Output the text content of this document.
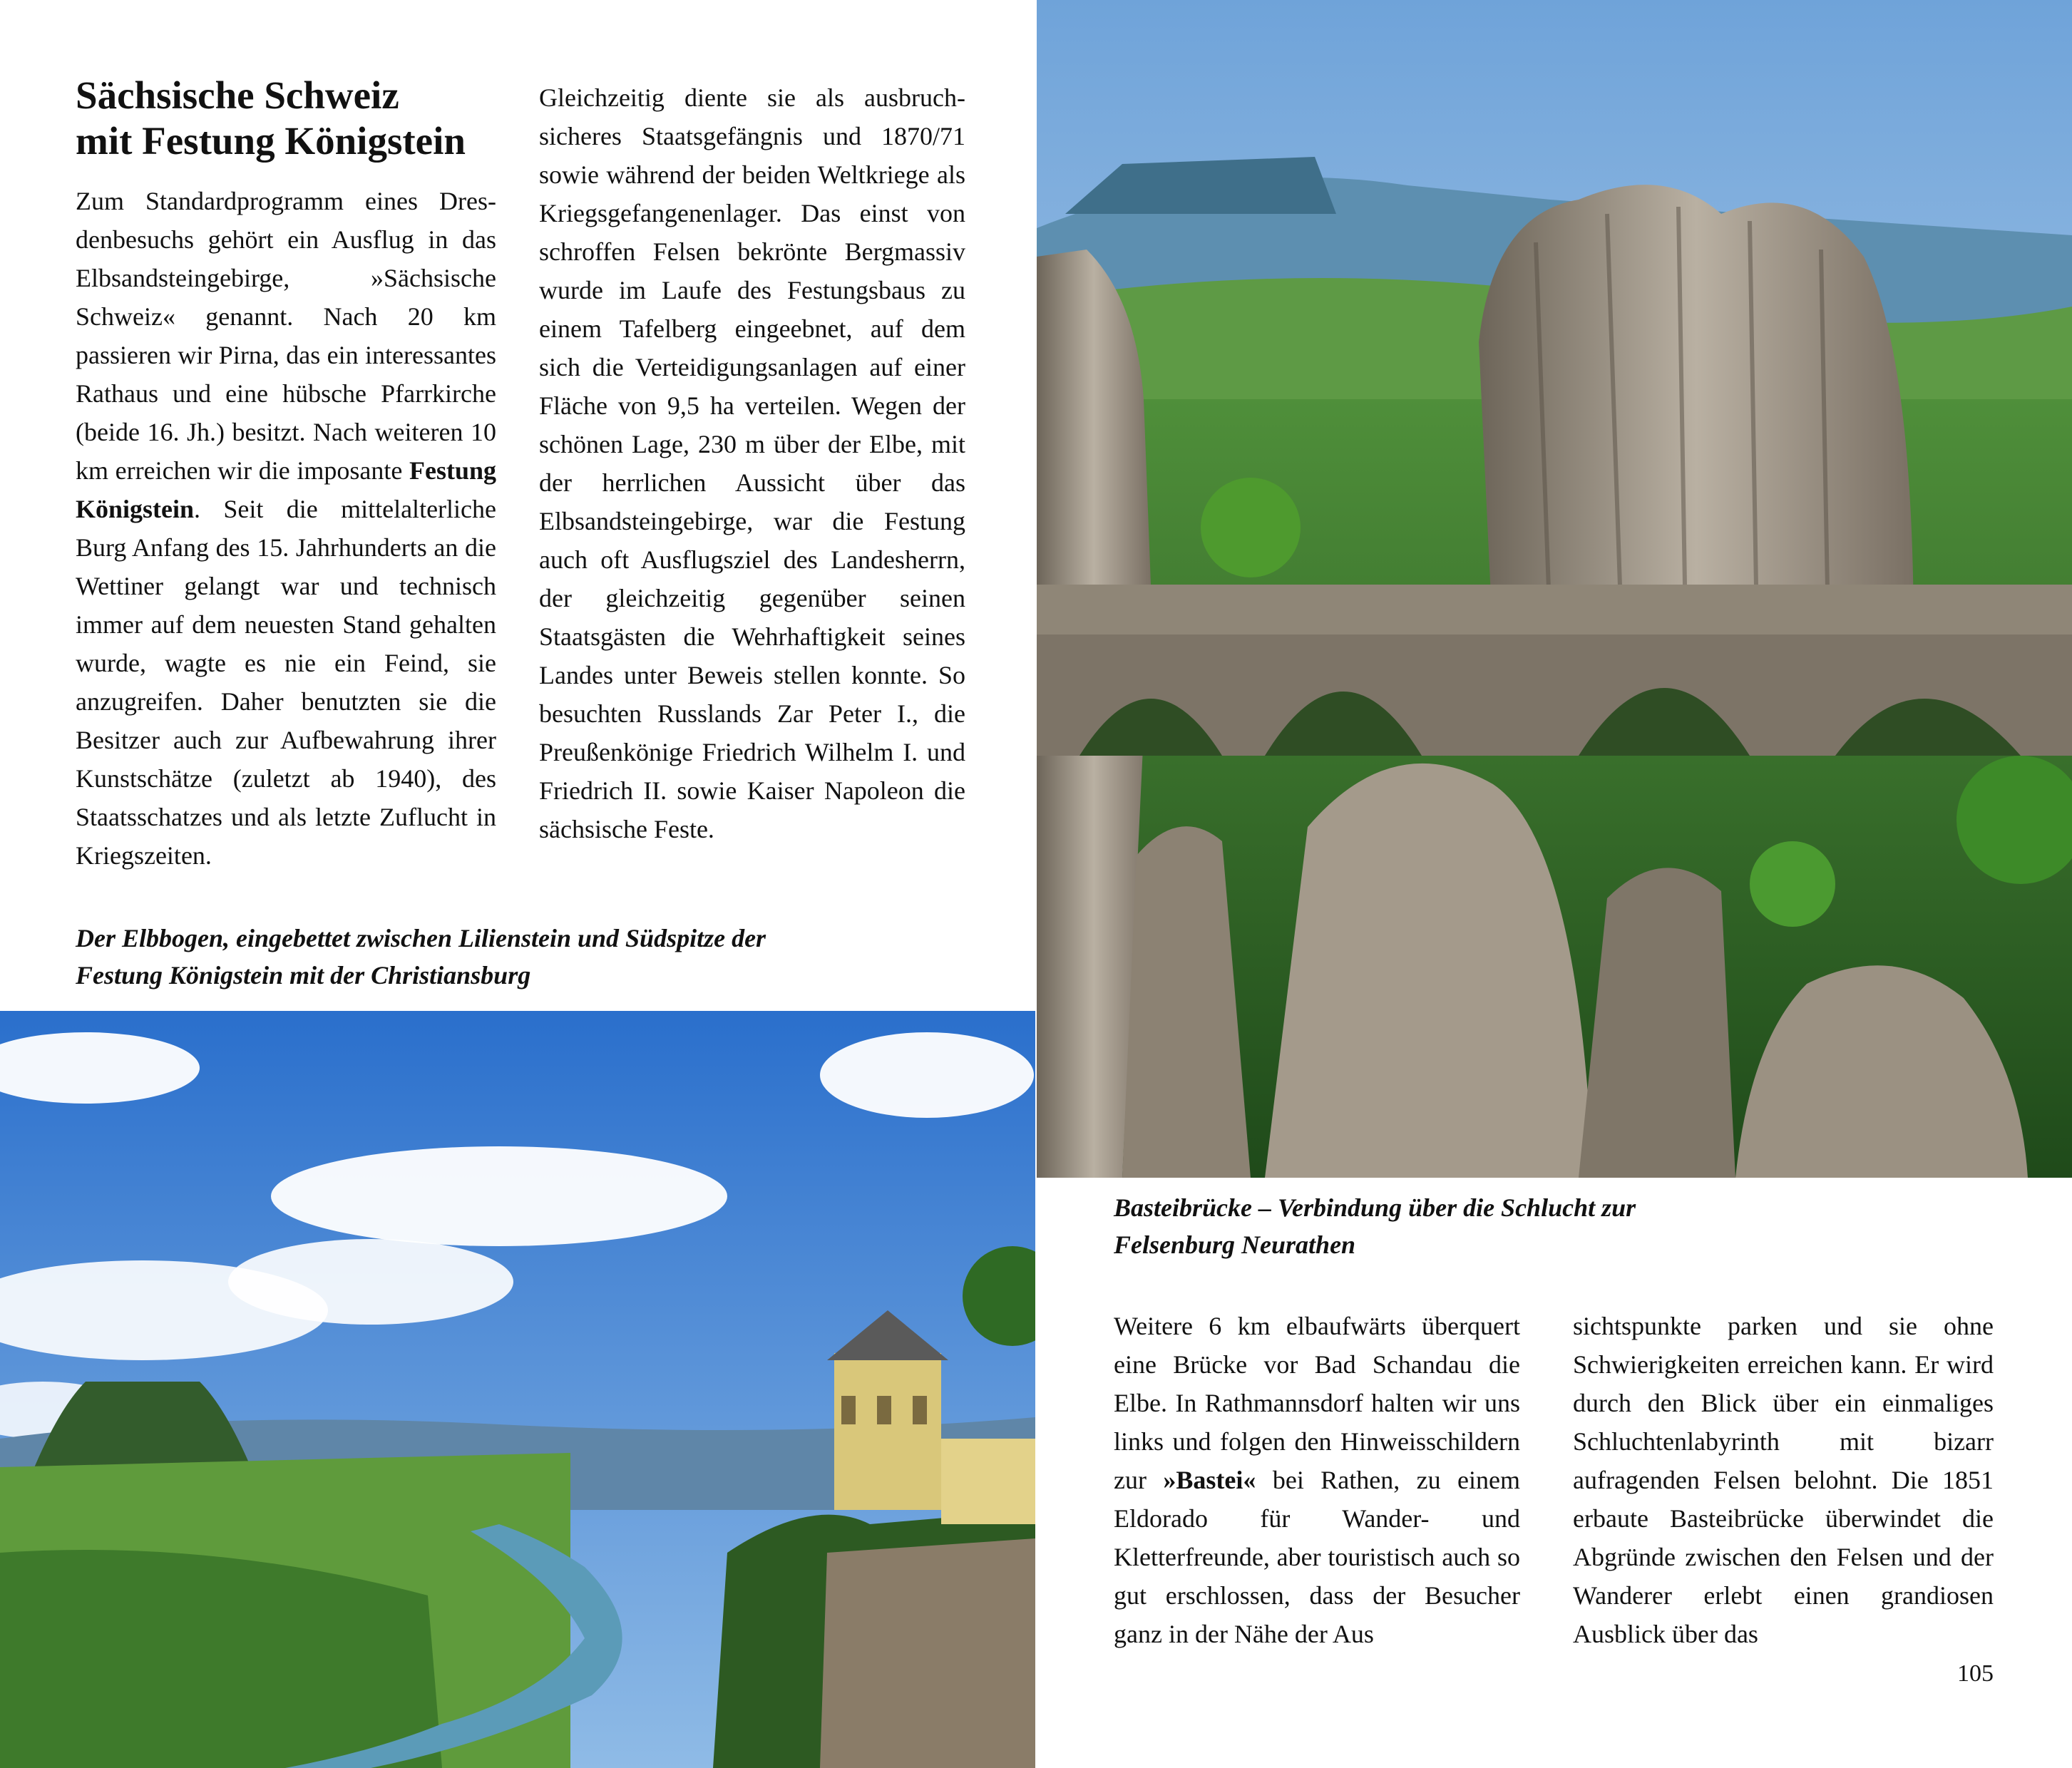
Sächsische Schweiz
mit Festung Königstein

Zum Standardprogramm eines Dresdenbesuchs gehört ein Ausflug in das Elbsandsteingebirge, »Sächsische Schweiz« genannt. Nach 20 km passieren wir Pirna, das ein interessantes Rathaus und eine hübsche Pfarrkirche (beide 16. Jh.) besitzt. Nach weiteren 10 km erreichen wir die imposante Festung Königstein. Seit die mittelalterliche Burg Anfang des 15. Jahrhunderts an die Wettiner gelangt war und technisch immer auf dem neuesten Stand gehalten wurde, wagte es nie ein Feind, sie anzugreifen. Daher benutzten sie die Besitzer auch zur Aufbewahrung ihrer Kunstschätze (zuletzt ab 1940), des Staatsschatzes und als letzte Zuflucht in Kriegszeiten.

Gleichzeitig diente sie als ausbruchsicheres Staatsgefängnis und 1870/71 sowie während der beiden Weltkriege als Kriegsgefangenenlager. Das einst von schroffen Felsen bekrönte Bergmassiv wurde im Laufe des Festungsbaus zu einem Tafelberg eingeebnet, auf dem sich die Verteidigungsanlagen auf einer Fläche von 9,5 ha verteilen. Wegen der schönen Lage, 230 m über der Elbe, mit der herrlichen Aussicht über das Elbsandsteingebirge, war die Festung auch oft Ausflugsziel des Landesherrn, der gleichzeitig gegenüber seinen Staatsgästen die Wehrhaftigkeit seines Landes unter Beweis stellen konnte. So besuchten Russlands Zar Peter I., die Preußenkönige Friedrich Wilhelm I. und Friedrich II. sowie Kaiser Napoleon die sächsische Feste.

Der Elbbogen, eingebettet zwischen Lilienstein und Südspitze der
Festung Königstein mit der Christiansburg

Basteibrücke – Verbindung über die Schlucht zur
Felsenburg Neurathen

Weitere 6 km elbaufwärts überquert eine Brücke vor Bad Schandau die Elbe. In Rathmannsdorf halten wir uns links und folgen den Hinweisschildern zur »Bastei« bei Rathen, zu einem Eldorado für Wander- und Kletterfreunde, aber touristisch auch so gut erschlossen, dass der Besucher ganz in der Nähe der Aus

sichtspunkte parken und sie ohne Schwierigkeiten erreichen kann. Er wird durch den Blick über ein einmaliges Schluchtenlabyrinth mit bizarr aufragenden Felsen belohnt. Die 1851 erbaute Basteibrücke überwindet die Abgründe zwischen den Felsen und der Wanderer erlebt einen grandiosen Ausblick über das

105
